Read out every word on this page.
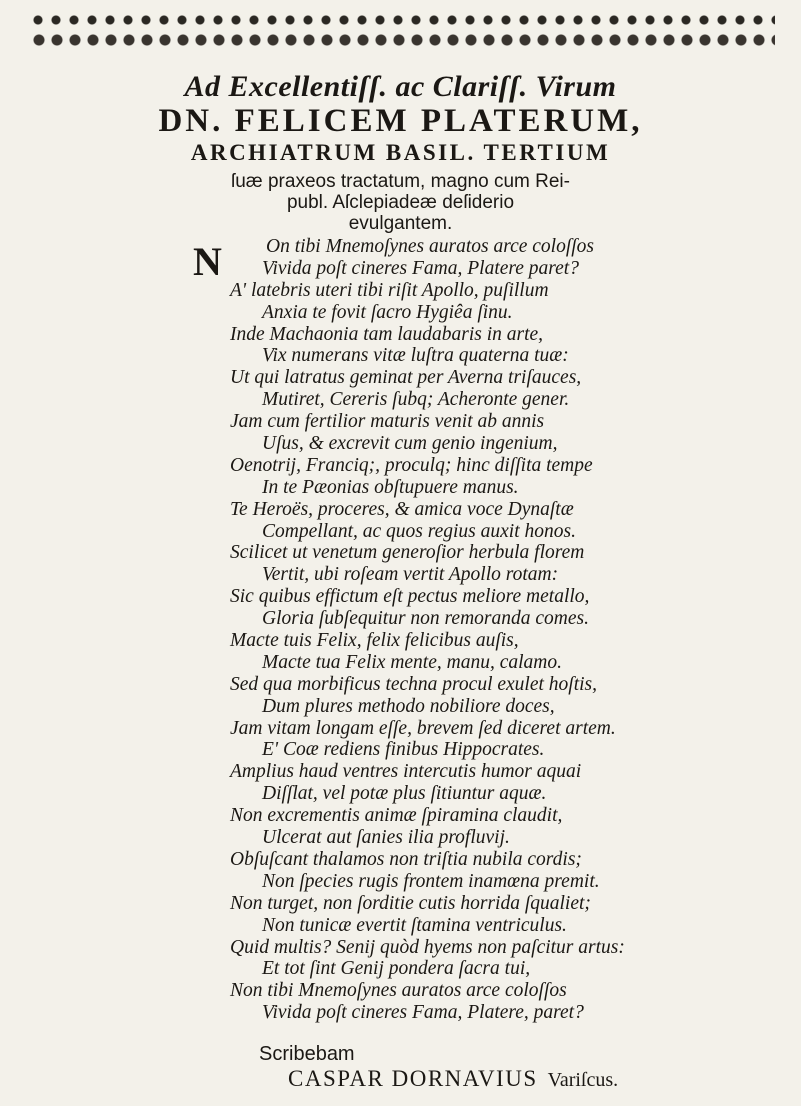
Ad Excellentiſſ. ac Clariſſ. Virum
DN. FELICEM PLATERUM,
ARCHIATRUM BASIL. TERTIUM
ſuæ praxeos tractatum, magno cum Rei-
publ. Aſclepiadeæ deſiderio
evulgantem.
N	On tibi Mnemoſynes auratos arce coloſſos
Vivida poſt cineres Fama, Platere paret?
A' latebris uteri tibi riſit Apollo, puſillum
Anxia te fovit ſacro Hygiêa ſinu.
Inde Machaonia tam laudabaris in arte,
Vix numerans vitæ luſtra quaterna tuæ:
Ut qui latratus geminat per Averna triſauces,
Mutiret, Cereris ſubq; Acheronte gener.
Jam cum fertilior maturis venit ab annis
Uſus, & excrevit cum genio ingenium,
Oenotrij, Franciq;, proculq; hinc diſſita tempe
In te Pæonias obſtupuere manus.
Te Heroës, proceres, & amica voce Dynaſtæ
Compellant, ac quos regius auxit honos.
Scilicet ut venetum generoſior herbula florem
Vertit, ubi roſeam vertit Apollo rotam:
Sic quibus effictum eſt pectus meliore metallo,
Gloria ſubſequitur non remoranda comes.
Macte tuis Felix, felix felicibus auſis,
Macte tua Felix mente, manu, calamo.
Sed qua morbificus techna procul exulet hoſtis,
Dum plures methodo nobiliore doces,
Jam vitam longam eſſe, brevem ſed diceret artem.
E' Coæ rediens finibus Hippocrates.
Amplius haud ventres intercutis humor aquai
Diſſlat, vel potæ plus ſitiuntur aquæ.
Non excrementis animæ ſpiramina claudit,
Ulcerat aut ſanies ilia profluvij.
Obſuſcant thalamos non triſtia nubila cordis;
Non ſpecies rugis frontem inamœna premit.
Non turget, non ſorditie cutis horrida ſqualiet;
Non tunicæ evertit ſtamina ventriculus.
Quid multis? Senij quòd hyems non paſcitur artus:
Et tot ſint Genij pondera ſacra tui,
Non tibi Mnemoſynes auratos arce coloſſos
Vivida poſt cineres Fama, Platere, paret?
Scribebam
CASPAR DORNAVIUS Variſcus.
